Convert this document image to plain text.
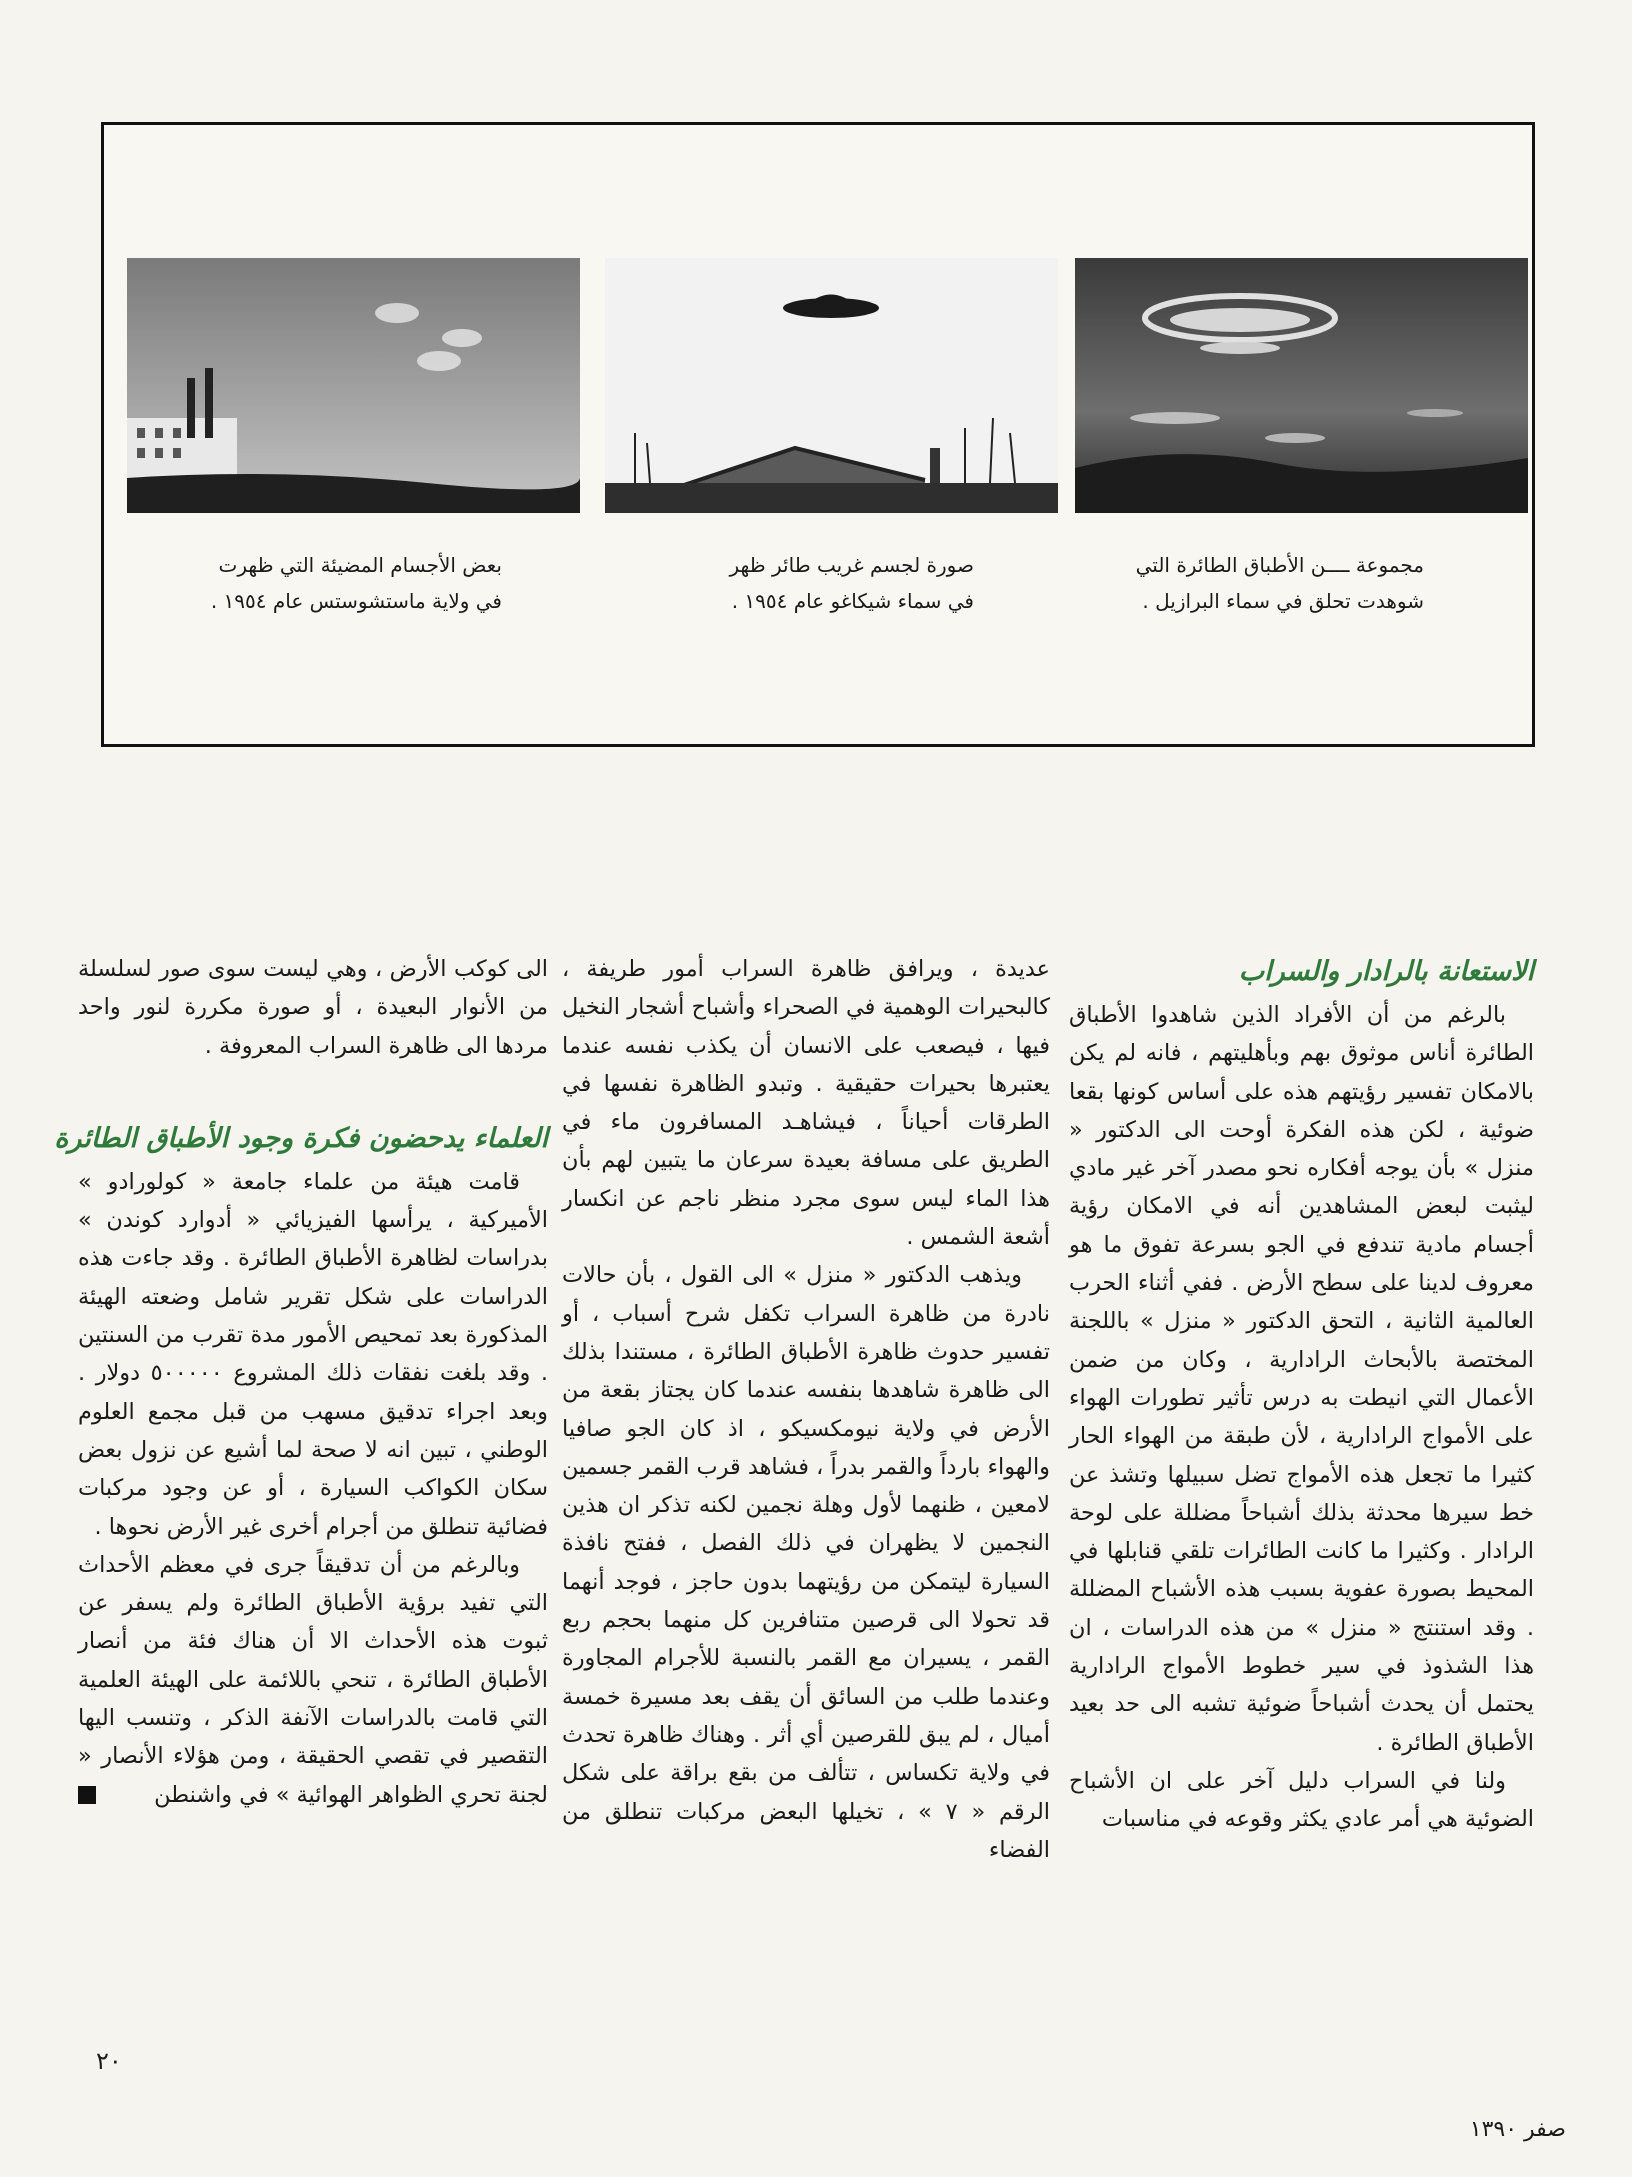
مجموعة ــــن الأطباق الطائرة التي
شوهدت تحلق في سماء البرازيل .
صورة لجسم غريب طائر ظهر
في سماء شيكاغو عام ١٩٥٤ .
بعض الأجسام المضيئة التي ظهرت
في ولاية ماستشوستس عام ١٩٥٤ .
الاستعانة بالرادار والسراب

بالرغم من أن الأفراد الذين شاهدوا الأطباق الطائرة أناس موثوق بهم وبأهليتهم ، فانه لم يكن بالامكان تفسير رؤيتهم هذه على أساس كونها بقعا ضوئية ، لكن هذه الفكرة أوحت الى الدكتور « منزل » بأن يوجه أفكاره نحو مصدر آخر غير مادي ليثبت لبعض المشاهدين أنه في الامكان رؤية أجسام مادية تندفع في الجو بسرعة تفوق ما هو معروف لدينا على سطح الأرض . ففي أثناء الحرب العالمية الثانية ، التحق الدكتور « منزل » باللجنة المختصة بالأبحاث الرادارية ، وكان من ضمن الأعمال التي انيطت به درس تأثير تطورات الهواء على الأمواج الرادارية ، لأن طبقة من الهواء الحار كثيرا ما تجعل هذه الأمواج تضل سبيلها وتشذ عن خط سيرها محدثة بذلك أشباحاً مضللة على لوحة الرادار . وكثيرا ما كانت الطائرات تلقي قنابلها في المحيط بصورة عفوية بسبب هذه الأشباح المضللة . وقد استنتج « منزل » من هذه الدراسات ، ان هذا الشذوذ في سير خطوط الأمواج الرادارية يحتمل أن يحدث أشباحاً ضوئية تشبه الى حد بعيد الأطباق الطائرة .

ولنا في السراب دليل آخر على ان الأشباح الضوئية هي أمر عادي يكثر وقوعه في مناسبات

عديدة ، ويرافق ظاهرة السراب أمور طريفة ، كالبحيرات الوهمية في الصحراء وأشباح أشجار النخيل فيها ، فيصعب على الانسان أن يكذب نفسه عندما يعتبرها بحيرات حقيقية . وتبدو الظاهرة نفسها في الطرقات أحياناً ، فيشاهـد المسافرون ماء في الطريق على مسافة بعيدة سرعان ما يتبين لهم بأن هذا الماء ليس سوى مجرد منظر ناجم عن انكسار أشعة الشمس .

ويذهب الدكتور « منزل » الى القول ، بأن حالات نادرة من ظاهرة السراب تكفل شرح أسباب ، أو تفسير حدوث ظاهرة الأطباق الطائرة ، مستندا بذلك الى ظاهرة شاهدها بنفسه عندما كان يجتاز بقعة من الأرض في ولاية نيومكسيكو ، اذ كان الجو صافيا والهواء بارداً والقمر بدراً ، فشاهد قرب القمر جسمين لامعين ، ظنهما لأول وهلة نجمين لكنه تذكر ان هذين النجمين لا يظهران في ذلك الفصل ، ففتح نافذة السيارة ليتمكن من رؤيتهما بدون حاجز ، فوجد أنهما قد تحولا الى قرصين متنافرين كل منهما بحجم ربع القمر ، يسيران مع القمر بالنسبة للأجرام المجاورة وعندما طلب من السائق أن يقف بعد مسيرة خمسة أميال ، لم يبق للقرصين أي أثر . وهناك ظاهرة تحدث في ولاية تكساس ، تتألف من بقع براقة على شكل الرقم « ٧ » ، تخيلها البعض مركبات تنطلق من الفضاء

الى كوكب الأرض ، وهي ليست سوى صور لسلسلة من الأنوار البعيدة ، أو صورة مكررة لنور واحد مردها الى ظاهرة السراب المعروفة .

العلماء يدحضون فكرة وجود الأطباق الطائرة

قامت هيئة من علماء جامعة « كولورادو » الأميركية ، يرأسها الفيزيائي « أدوارد كوندن » بدراسات لظاهرة الأطباق الطائرة . وقد جاءت هذه الدراسات على شكل تقرير شامل وضعته الهيئة المذكورة بعد تمحيص الأمور مدة تقرب من السنتين . وقد بلغت نفقات ذلك المشروع ٥٠٠٠٠٠ دولار . وبعد اجراء تدقيق مسهب من قبل مجمع العلوم الوطني ، تبين انه لا صحة لما أشيع عن نزول بعض سكان الكواكب السيارة ، أو عن وجود مركبات فضائية تنطلق من أجرام أخرى غير الأرض نحوها .

وبالرغم من أن تدقيقاً جرى في معظم الأحداث التي تفيد برؤية الأطباق الطائرة ولم يسفر عن ثبوت هذه الأحداث الا أن هناك فئة من أنصار الأطباق الطائرة ، تنحي باللائمة على الهيئة العلمية التي قامت بالدراسات الآنفة الذكر ، وتنسب اليها التقصير في تقصي الحقيقة ، ومن هؤلاء الأنصار « لجنة تحري الظواهر الهوائية » في واشنطن

٢٠
صفر ١٣٩٠
